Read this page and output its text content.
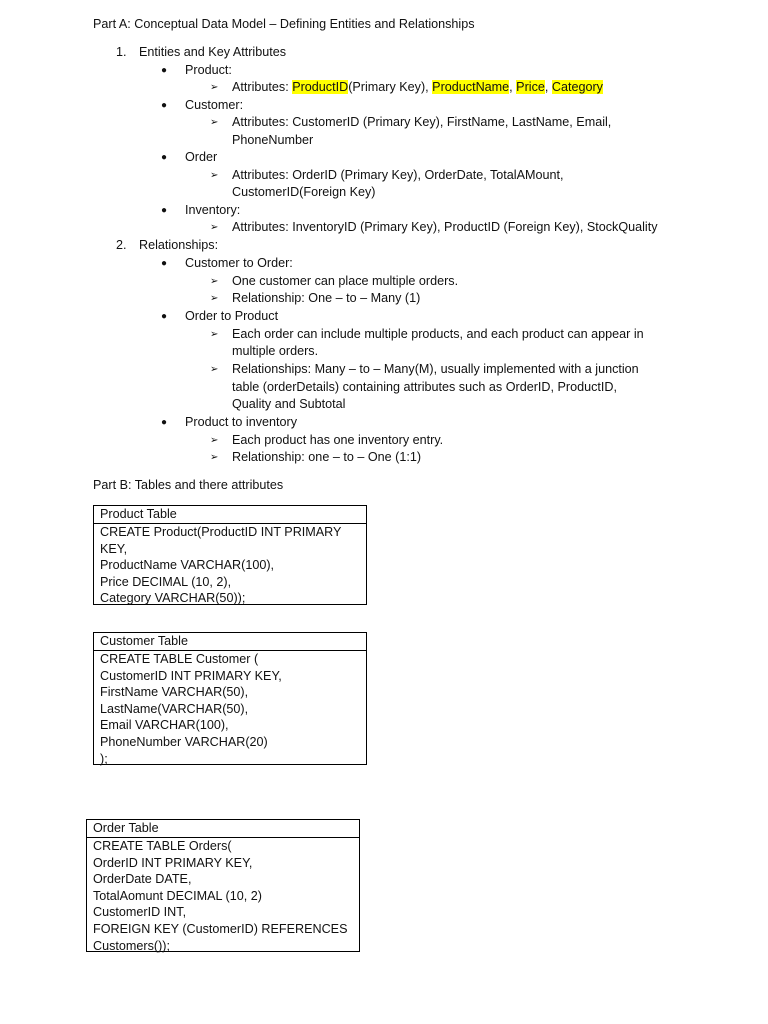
Part A: Conceptual Data Model – Defining Entities and Relationships
1. Entities and Key Attributes
● Product:
➢ Attributes: ProductID(Primary Key), ProductName, Price, Category
● Customer:
➢ Attributes: CustomerID (Primary Key), FirstName, LastName, Email,
PhoneNumber
● Order
➢ Attributes: OrderID (Primary Key), OrderDate, TotalAMount,
CustomerID(Foreign Key)
● Inventory:
➢ Attributes: InventoryID (Primary Key), ProductID (Foreign Key), StockQuality
2. Relationships:
● Customer to Order:
➢ One customer can place multiple orders.
➢ Relationship: One – to – Many (1)
● Order to Product
➢ Each order can include multiple products, and each product can appear in
multiple orders.
➢ Relationships: Many – to – Many(M), usually implemented with a junction
table (orderDetails) containing attributes such as OrderID, ProductID,
Quality and Subtotal
● Product to inventory
➢ Each product has one inventory entry.
➢ Relationship: one – to – One (1:1)
Part B: Tables and there attributes
Product Table
CREATE Product(ProductID INT PRIMARY
KEY,
ProductName VARCHAR(100),
Price DECIMAL (10, 2),
Category VARCHAR(50));
Customer Table
CREATE TABLE Customer (
CustomerID INT PRIMARY KEY,
FirstName VARCHAR(50),
LastName(VARCHAR(50),
Email VARCHAR(100),
PhoneNumber VARCHAR(20)
);
Order Table
CREATE TABLE Orders(
OrderID INT PRIMARY KEY,
OrderDate DATE,
TotalAomunt DECIMAL (10, 2)
CustomerID INT,
FOREIGN KEY (CustomerID) REFERENCES
Customers());
